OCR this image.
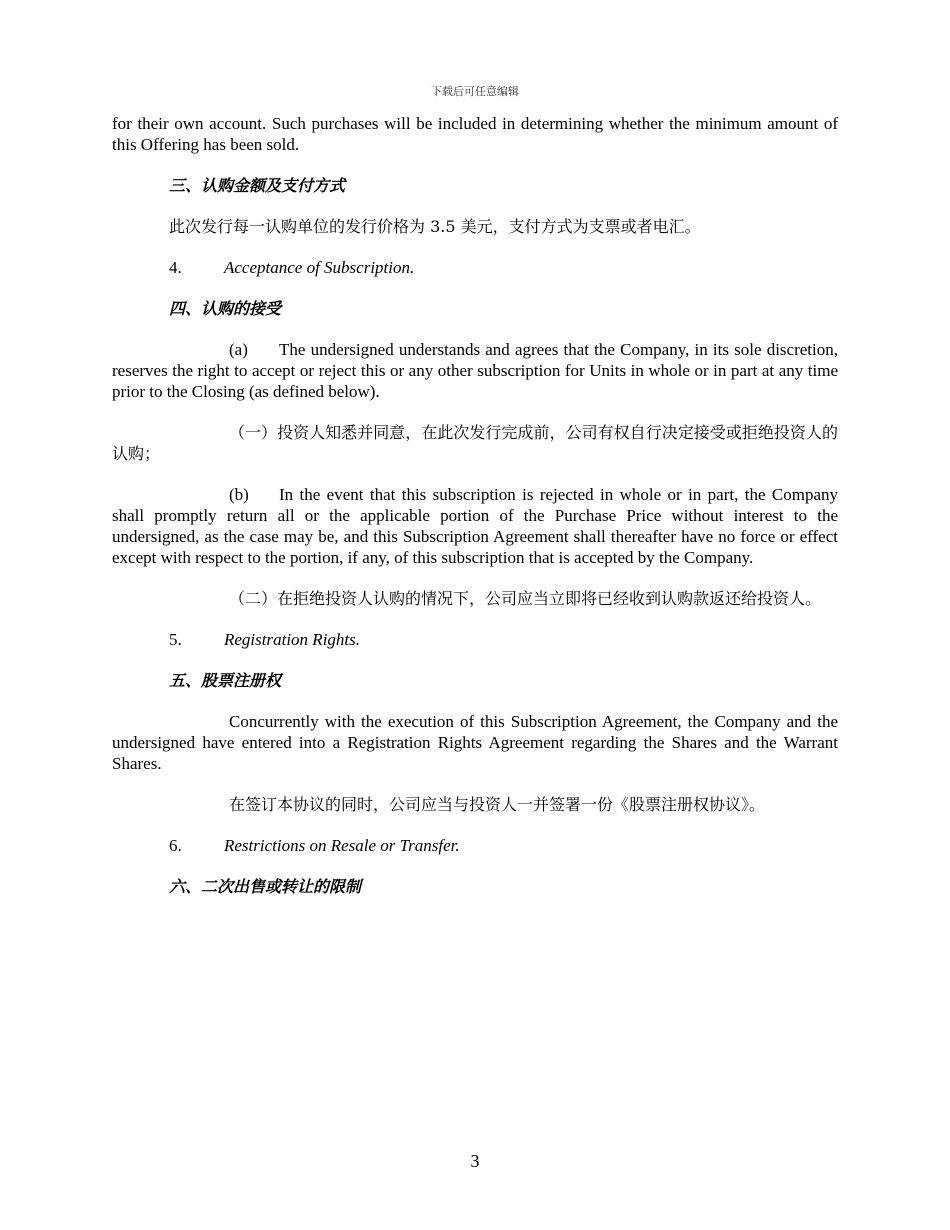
下载后可任意编辑

for their own account. Such purchases will be included in determining whether the minimum amount of this Offering has been sold.

三、认购金额及支付方式

此次发行每一认购单位的发行价格为 3.5 美元，支付方式为支票或者电汇。

4. Acceptance of Subscription.

四、认购的接受

(a) The undersigned understands and agrees that the Company, in its sole discretion, reserves the right to accept or reject this or any other subscription for Units in whole or in part at any time prior to the Closing (as defined below).

（一）投资人知悉并同意，在此次发行完成前，公司有权自行决定接受或拒绝投资人的认购；

(b) In the event that this subscription is rejected in whole or in part, the Company shall promptly return all or the applicable portion of the Purchase Price without interest to the undersigned, as the case may be, and this Subscription Agreement shall thereafter have no force or effect except with respect to the portion, if any, of this subscription that is accepted by the Company.

（二）在拒绝投资人认购的情况下，公司应当立即将已经收到认购款返还给投资人。

5. Registration Rights.

五、股票注册权

Concurrently with the execution of this Subscription Agreement, the Company and the undersigned have entered into a Registration Rights Agreement regarding the Shares and the Warrant Shares.

在签订本协议的同时，公司应当与投资人一并签署一份《股票注册权协议》。

6. Restrictions on Resale or Transfer.

六、二次出售或转让的限制

3
